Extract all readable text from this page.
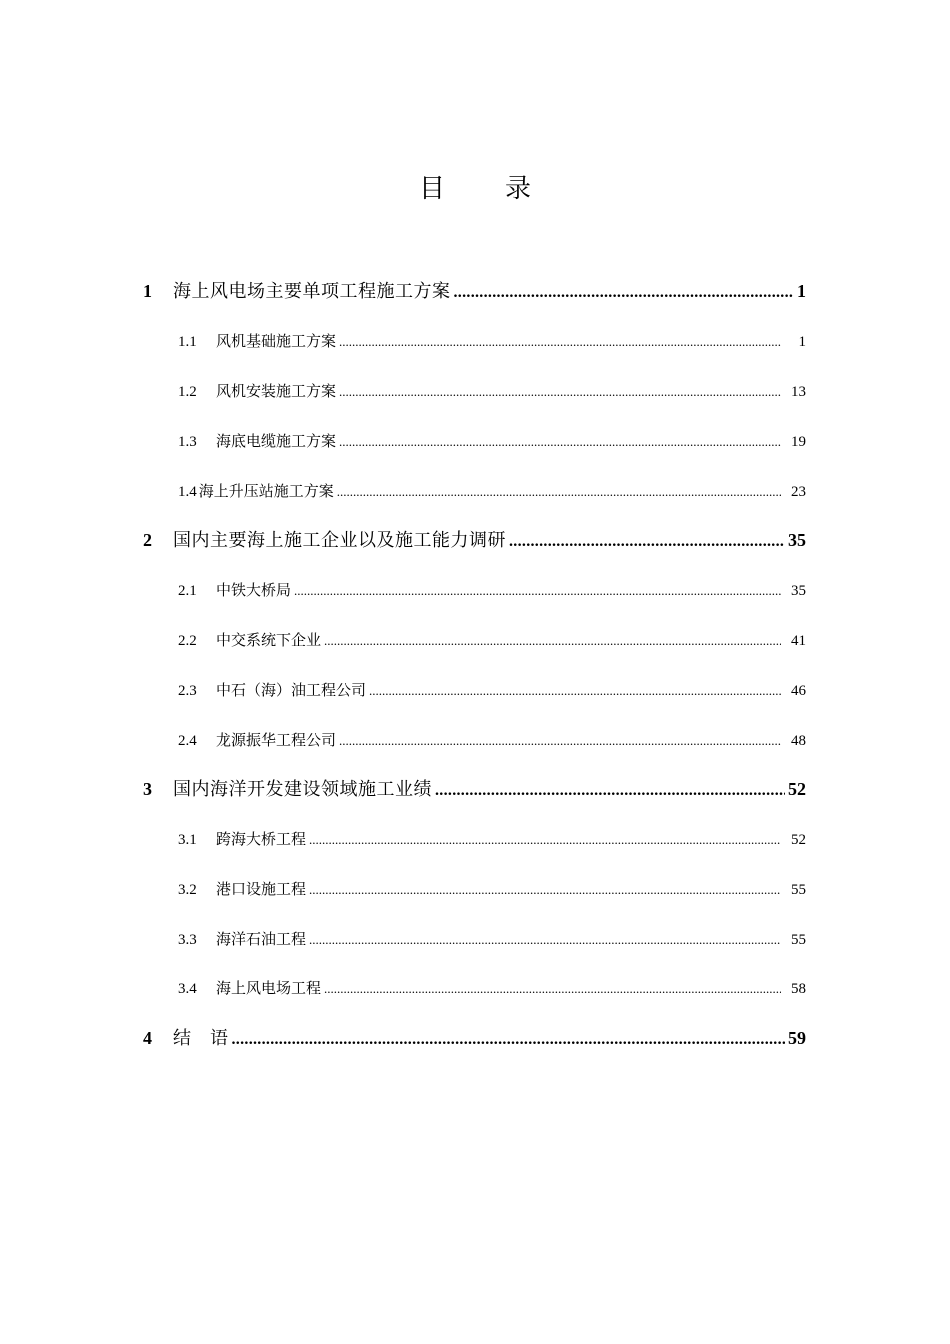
目 录
1	海上风电场主要单项工程施工方案 .....	1
1.1	风机基础施工方案 .....	1
1.2	风机安装施工方案 .....	13
1.3	海底电缆施工方案 .....	19
1.4 海上升压站施工方案 .....	23
2	国内主要海上施工企业以及施工能力调研 .....	35
2.1	中铁大桥局 .....	35
2.2	中交系统下企业 .....	41
2.3	中石（海）油工程公司 .....	46
2.4	龙源振华工程公司 .....	48
3	国内海洋开发建设领域施工业绩 .....	52
3.1	跨海大桥工程 .....	52
3.2	港口设施工程 .....	55
3.3	海洋石油工程 .....	55
3.4	海上风电场工程 .....	58
4	结　语 .....	59
